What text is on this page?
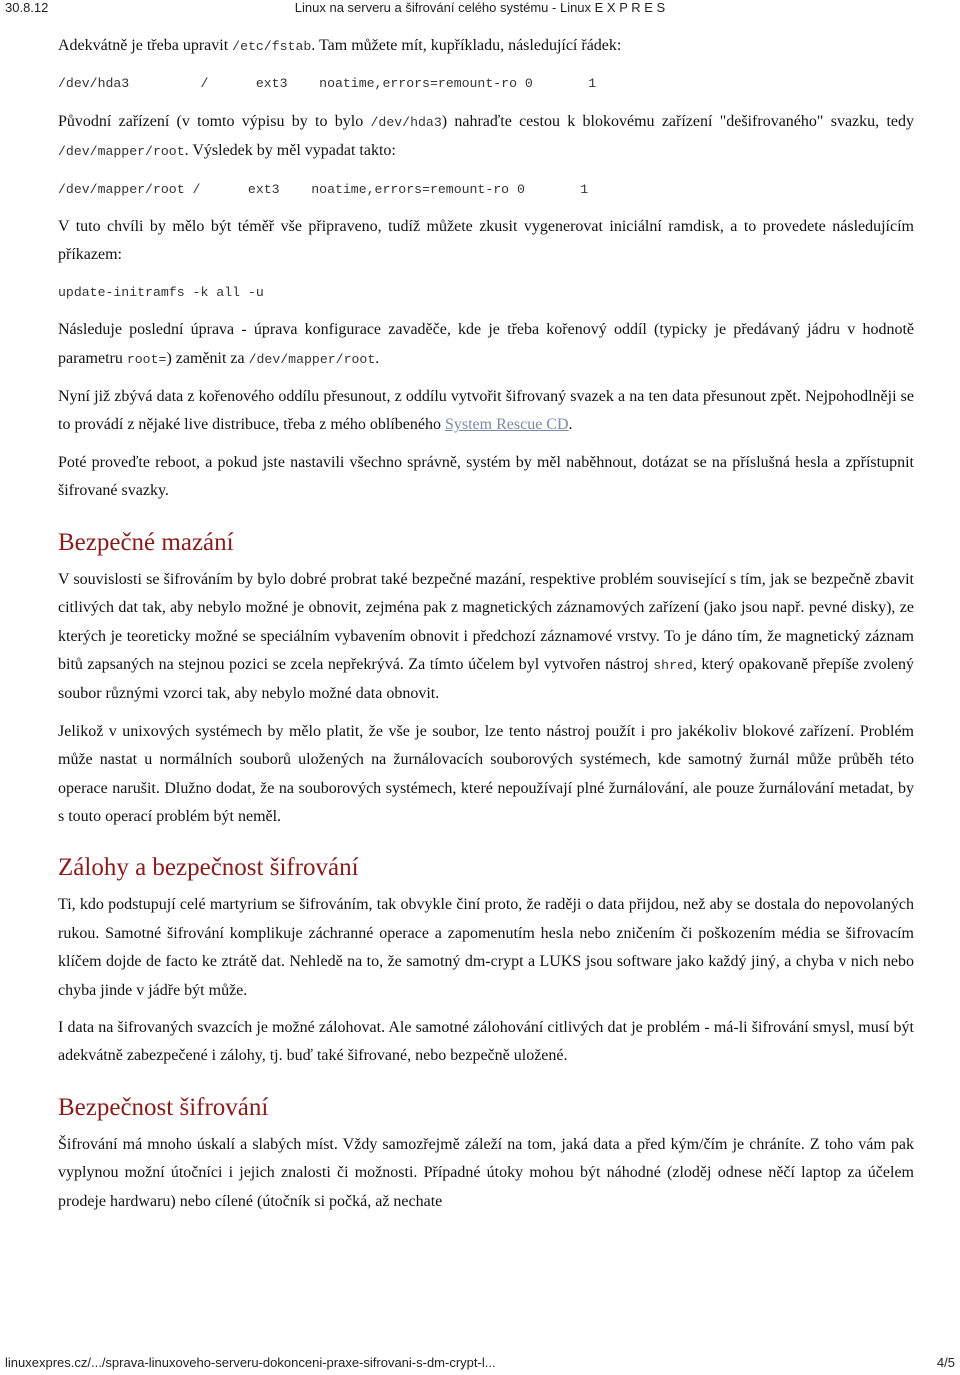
30.8.12	Linux na serveru a šifrování celého systému - Linux E X P R E S

Adekvátně je třeba upravit /etc/fstab. Tam můžete mít, kupříkladu, následující řádek:

/dev/hda3         /      ext3    noatime,errors=remount-ro 0       1

Původní zařízení (v tomto výpisu by to bylo /dev/hda3) nahraďte cestou k blokovému zařízení "dešifrovaného" svazku, tedy /dev/mapper/root. Výsledek by měl vypadat takto:

/dev/mapper/root /      ext3    noatime,errors=remount-ro 0       1

V tuto chvíli by mělo být téměř vše připraveno, tudíž můžete zkusit vygenerovat iniciální ramdisk, a to provedete následujícím příkazem:

update-initramfs -k all -u

Následuje poslední úprava - úprava konfigurace zavaděče, kde je třeba kořenový oddíl (typicky je předávaný jádru v hodnotě parametru root=) zaměnit za /dev/mapper/root.

Nyní již zbývá data z kořenového oddílu přesunout, z oddílu vytvořit šifrovaný svazek a na ten data přesunout zpět. Nejpohodlněji se to provádí z nějaké live distribuce, třeba z mého oblíbeného System Rescue CD.

Poté proveďte reboot, a pokud jste nastavili všechno správně, systém by měl naběhnout, dotázat se na příslušná hesla a zpřístupnit šifrované svazky.

Bezpečné mazání

V souvislosti se šifrováním by bylo dobré probrat také bezpečné mazání, respektive problém související s tím, jak se bezpečně zbavit citlivých dat tak, aby nebylo možné je obnovit, zejména pak z magnetických záznamových zařízení (jako jsou např. pevné disky), ze kterých je teoreticky možné se speciálním vybavením obnovit i předchozí záznamové vrstvy. To je dáno tím, že magnetický záznam bitů zapsaných na stejnou pozici se zcela nepřekrývá. Za tímto účelem byl vytvořen nástroj shred, který opakovaně přepíše zvolený soubor různými vzorci tak, aby nebylo možné data obnovit.

Jelikož v unixových systémech by mělo platit, že vše je soubor, lze tento nástroj použít i pro jakékoliv blokové zařízení. Problém může nastat u normálních souborů uložených na žurnálovacích souborových systémech, kde samotný žurnál může průběh této operace narušit. Dlužno dodat, že na souborových systémech, které nepoužívají plné žurnálování, ale pouze žurnálování metadat, by s touto operací problém být neměl.

Zálohy a bezpečnost šifrování

Ti, kdo podstupují celé martyrium se šifrováním, tak obvykle činí proto, že raději o data přijdou, než aby se dostala do nepovolaných rukou. Samotné šifrování komplikuje záchranné operace a zapomenutím hesla nebo zničením či poškozením média se šifrovacím klíčem dojde de facto ke ztrátě dat. Nehledě na to, že samotný dm-crypt a LUKS jsou software jako každý jiný, a chyba v nich nebo chyba jinde v jádře být může.

I data na šifrovaných svazcích je možné zálohovat. Ale samotné zálohování citlivých dat je problém - má-li šifrování smysl, musí být adekvátně zabezpečené i zálohy, tj. buď také šifrované, nebo bezpečně uložené.

Bezpečnost šifrování

Šifrování má mnoho úskalí a slabých míst. Vždy samozřejmě záleží na tom, jaká data a před kým/čím je chráníte. Z toho vám pak vyplynou možní útočníci i jejich znalosti či možnosti. Případné útoky mohou být náhodné (zloděj odnese něčí laptop za účelem prodeje hardwaru) nebo cílené (útočník si počká, až nechate

linuxexpres.cz/.../sprava-linuxoveho-serveru-dokonceni-praxe-sifrovani-s-dm-crypt-l...	4/5
